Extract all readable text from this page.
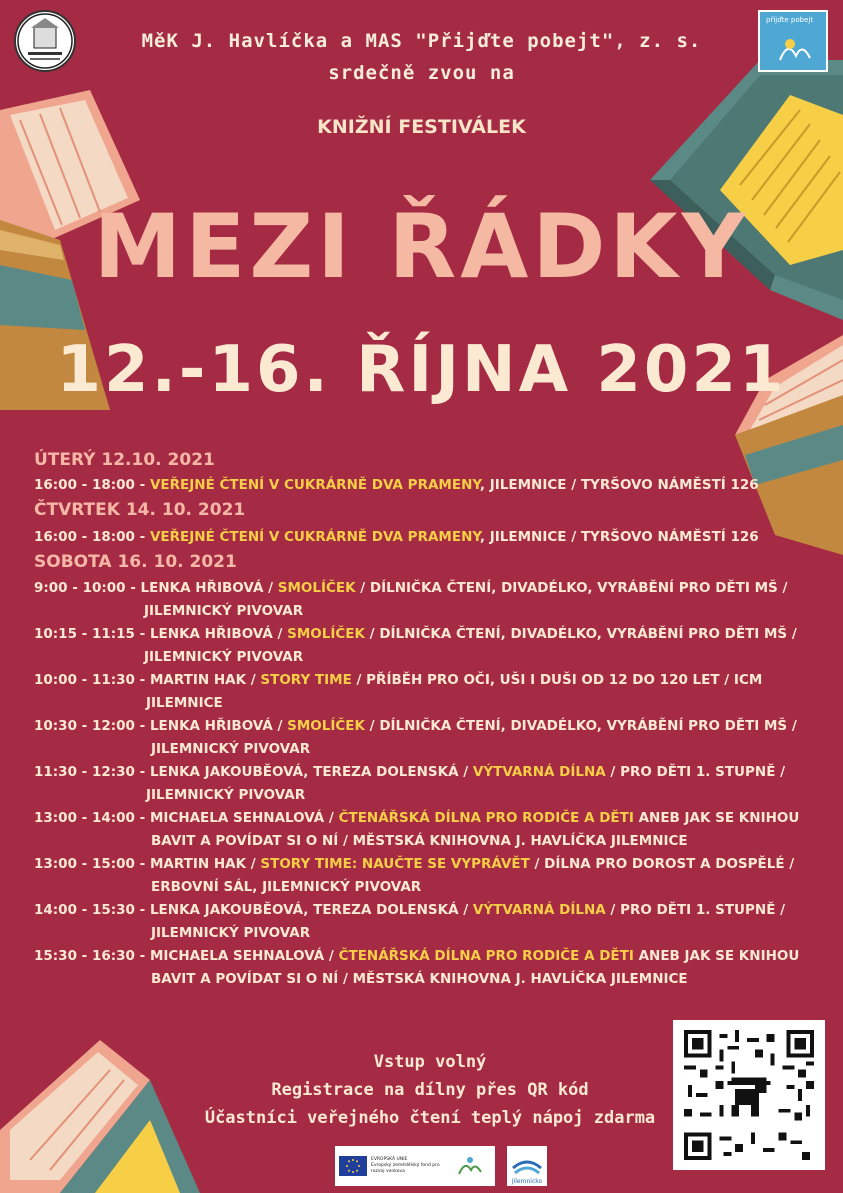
přijďte pobejt
MěK J. Havlíčka a MAS "Přijďte pobejt", z. s.
srdečně zvou na
KNIŽNÍ FESTIVÁLEK
MEZI ŘÁDKY
12.-16. ŘÍJNA 2021
ÚTERÝ 12.10. 2021
16:00 - 18:00 - VEŘEJNÉ ČTENÍ V CUKRÁRNĚ DVA PRAMENY, JILEMNICE / TYRŠOVO NÁMĚSTÍ 126
ČTVRTEK 14. 10. 2021
16:00 - 18:00 - VEŘEJNÉ ČTENÍ V CUKRÁRNĚ DVA PRAMENY, JILEMNICE / TYRŠOVO NÁMĚSTÍ 126
SOBOTA 16. 10. 2021
9:00 - 10:00 - LENKA HŘIBOVÁ / SMOLÍČEK / DÍLNIČKA ČTENÍ, DIVADÉLKO, VYRÁBĚNÍ PRO DĚTI MŠ /
JILEMNICKÝ PIVOVAR
10:15 - 11:15 - LENKA HŘIBOVÁ / SMOLÍČEK / DÍLNIČKA ČTENÍ, DIVADÉLKO, VYRÁBĚNÍ PRO DĚTI MŠ /
JILEMNICKÝ PIVOVAR
10:00 - 11:30 - MARTIN HAK / STORY TIME / PŘÍBĚH PRO OČI, UŠI I DUŠI OD 12 DO 120 LET / ICM
JILEMNICE
10:30 - 12:00 - LENKA HŘIBOVÁ / SMOLÍČEK / DÍLNIČKA ČTENÍ, DIVADÉLKO, VYRÁBĚNÍ PRO DĚTI MŠ /
JILEMNICKÝ PIVOVAR
11:30 - 12:30 - LENKA JAKOUBĚOVÁ, TEREZA DOLENSKÁ / VÝTVARNÁ DÍLNA / PRO DĚTI 1. STUPNĚ /
JILEMNICKÝ PIVOVAR
13:00 - 14:00 - MICHAELA SEHNALOVÁ / ČTENÁŘSKÁ DÍLNA PRO RODIČE A DĚTI ANEB JAK SE KNIHOU
BAVIT A POVÍDAT SI O NÍ / MĚSTSKÁ KNIHOVNA J. HAVLÍČKA JILEMNICE
13:00 - 15:00 - MARTIN HAK / STORY TIME: NAUČTE SE VYPRÁVĚT / DÍLNA PRO DOROST A DOSPĚLÉ /
ERBOVNÍ SÁL, JILEMNICKÝ PIVOVAR
14:00 - 15:30 - LENKA JAKOUBĚOVÁ, TEREZA DOLENSKÁ / VÝTVARNÁ DÍLNA / PRO DĚTI 1. STUPNĚ /
JILEMNICKÝ PIVOVAR
15:30 - 16:30 - MICHAELA SEHNALOVÁ / ČTENÁŘSKÁ DÍLNA PRO RODIČE A DĚTI ANEB JAK SE KNIHOU
BAVIT A POVÍDAT SI O NÍ / MĚSTSKÁ KNIHOVNA J. HAVLÍČKA JILEMNICE
Vstup volný
Registrace na dílny přes QR kód
Účastníci veřejného čtení teplý nápoj zdarma
EVROPSKÁ UNIE
Evropský zemědělský fond pro rozvoj venkova
Jilemnicko
